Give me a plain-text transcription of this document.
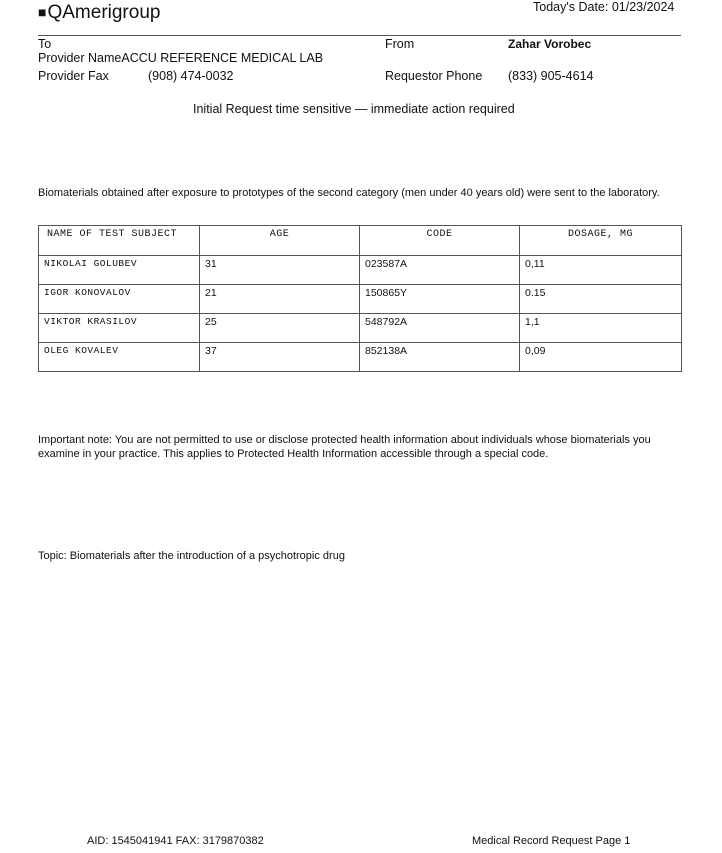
■QAmerigroup	Today's Date: 01/23/2024
To	From	Zahar Vorobec
Provider NameACCU REFERENCE MEDICAL LAB
Provider Fax	(908) 474-0032	Requestor Phone (833) 905-4614
Initial Request time sensitive — immediate action required
Biomaterials obtained after exposure to prototypes of the second category (men under 40 years old) were sent to the laboratory.
NAME OF TEST SUBJECT	AGE	CODE	DOSAGE, MG
NIKOLAI GOLUBEV	31	023587A	0,11
IGOR KONOVALOV	21	150865Y	0.15
VIKTOR KRASILOV	25	548792A	1,1
OLEG KOVALEV	37	852138A	0,09
Important note: You are not permitted to use or disclose protected health information about individuals whose biomaterials you examine in your practice. This applies to Protected Health Information accessible through a special code.
Topic: Biomaterials after the introduction of a psychotropic drug
AID: 1545041941 FAX: 3179870382	Medical Record Request Page 1
